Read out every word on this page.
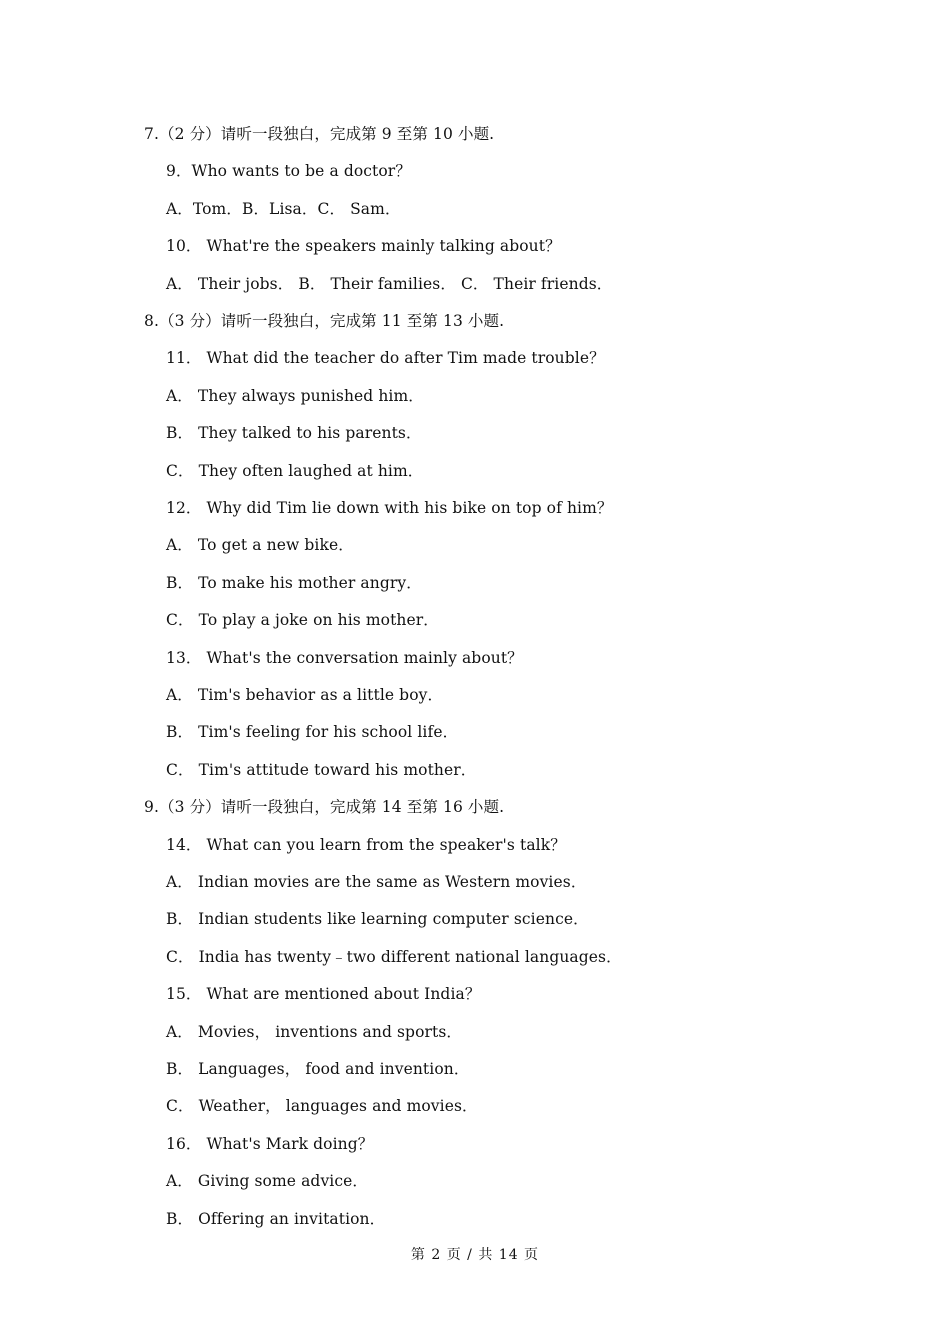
7.（2 分）请听一段独白，完成第 9 至第 10 小题.
9．Who wants to be a doctor？
A．Tom．B．Lisa．C． Sam．
10． What're the speakers mainly talking about？
A． Their jobs． B． Their families． C． Their friends．
8.（3 分）请听一段独白，完成第 11 至第 13 小题.
11． What did the teacher do after Tim made trouble？
A． They always punished him．
B． They talked to his parents．
C． They often laughed at him．
12． Why did Tim lie down with his bike on top of him？
A． To get a new bike．
B． To make his mother angry．
C． To play a joke on his mother．
13． What's the conversation mainly about？
A． Tim's behavior as a little boy．
B． Tim's feeling for his school life．
C． Tim's attitude toward his mother．
9.（3 分）请听一段独白，完成第 14 至第 16 小题.
14． What can you learn from the speaker's talk？
A． Indian movies are the same as Western movies．
B． Indian students like learning computer science．
C． India has twenty﹣two different national languages．
15． What are mentioned about India？
A． Movies， inventions and sports．
B． Languages， food and invention．
C． Weather， languages and movies．
16． What's Mark doing？
A． Giving some advice．
B． Offering an invitation．
第 2 页 / 共 14 页
